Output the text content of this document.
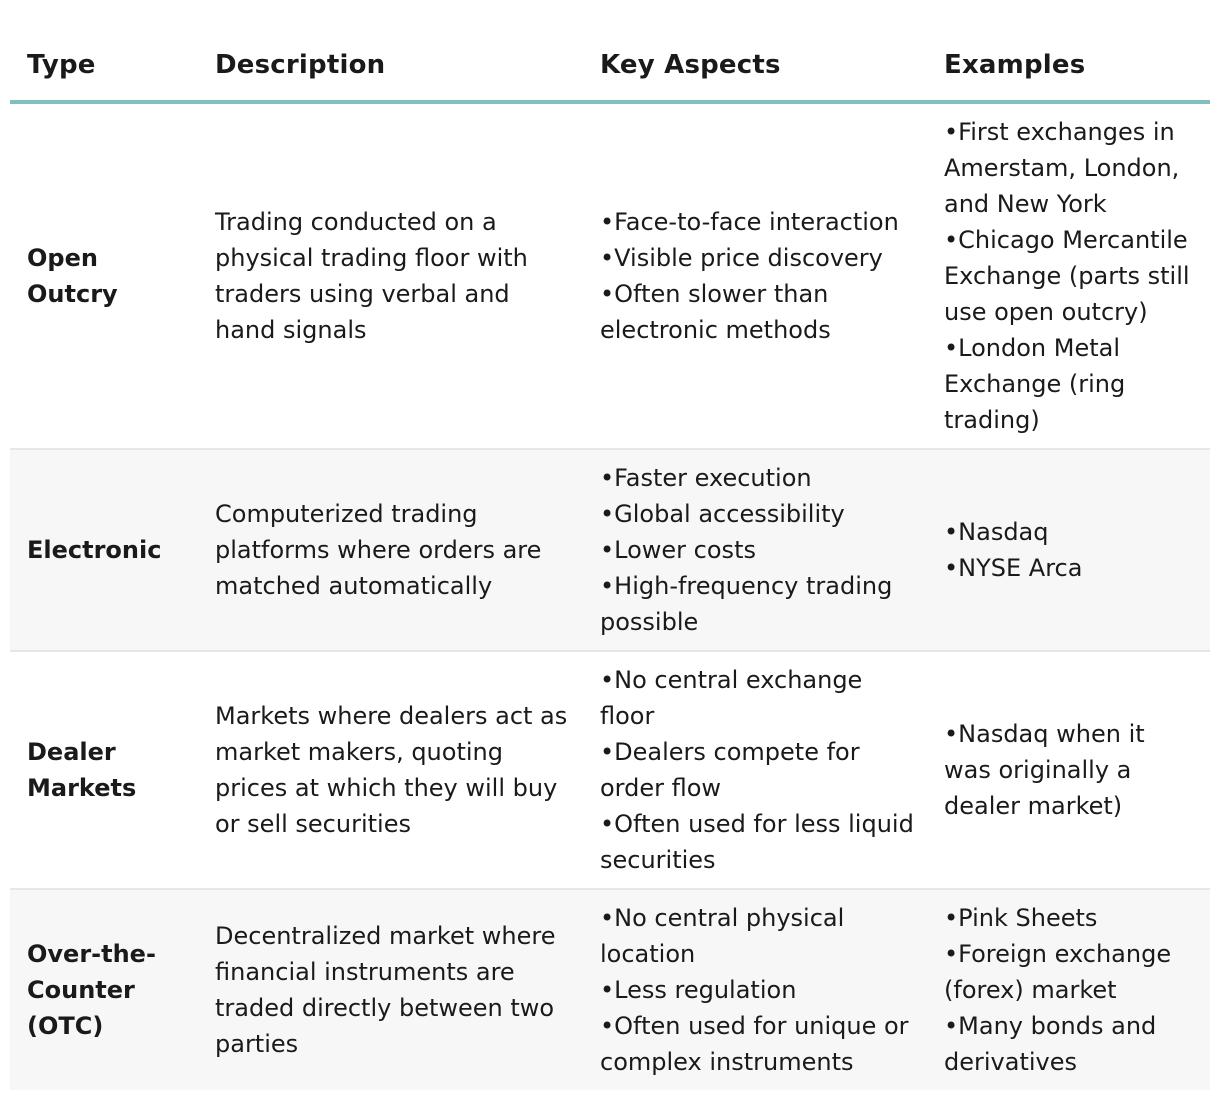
Type	Description	Key Aspects	Examples
Open Outcry	Trading conducted on a physical trading floor with traders using verbal and hand signals	• Face-to-face interaction
• Visible price discovery
• Often slower than electronic methods	• First exchanges in Amerstam, London, and New York
• Chicago Mercantile Exchange (parts still use open outcry)
• London Metal Exchange (ring trading)

Electronic	Computerized trading platforms where orders are matched automatically	• Faster execution
• Global accessibility
• Lower costs
• High-frequency trading possible	• Nasdaq
• NYSE Arca

Dealer Markets	Markets where dealers act as market makers, quoting prices at which they will buy or sell securities	• No central exchange floor
• Dealers compete for order flow
• Often used for less liquid securities	• Nasdaq when it was originally a dealer market)

Over-the-Counter (OTC)	Decentralized market where financial instruments are traded directly between two parties	• No central physical location
• Less regulation
• Often used for unique or complex instruments	• Pink Sheets
• Foreign exchange (forex) market
• Many bonds and derivatives
